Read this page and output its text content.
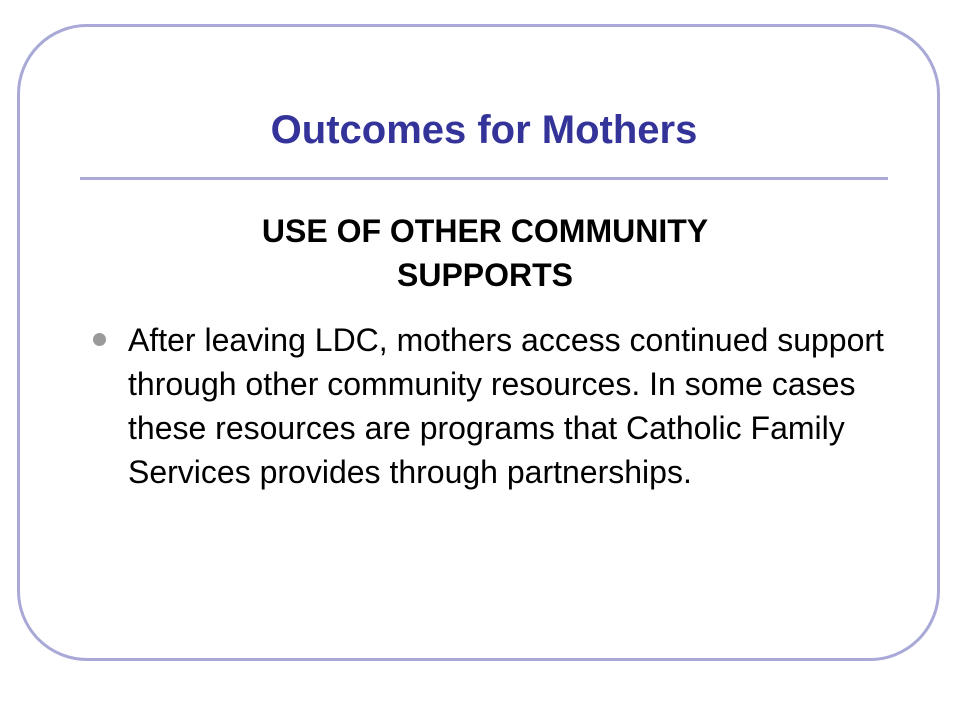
Outcomes for Mothers
USE OF OTHER COMMUNITY SUPPORTS
After leaving LDC, mothers access continued support through other community resources. In some cases these resources are programs that Catholic Family Services provides through partnerships.
